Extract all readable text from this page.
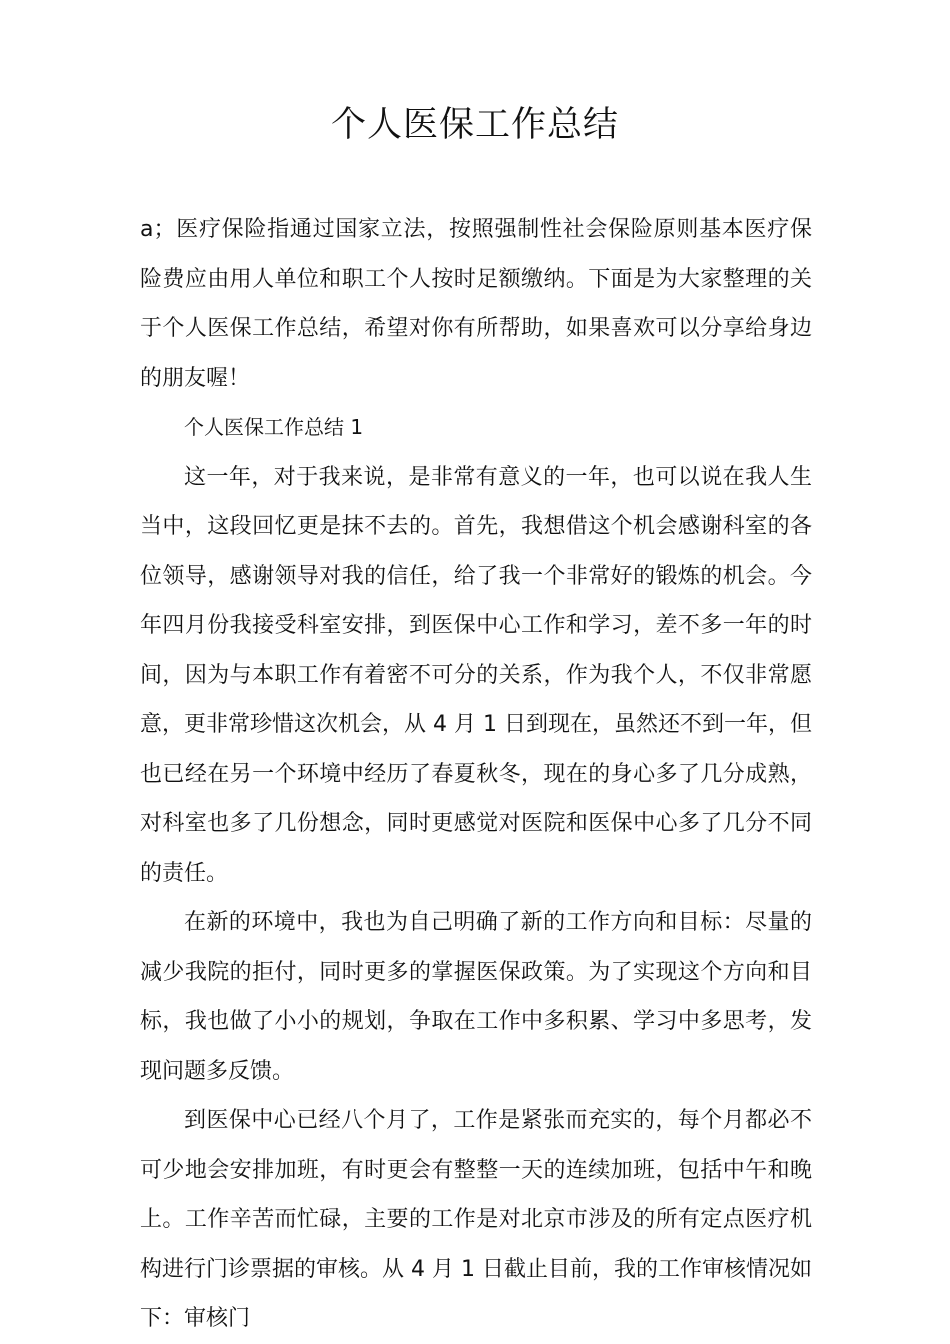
个人医保工作总结

a；医疗保险指通过国家立法，按照强制性社会保险原则基本医疗保险费应由用人单位和职工个人按时足额缴纳。下面是为大家整理的关于个人医保工作总结，希望对你有所帮助，如果喜欢可以分享给身边的朋友喔！

个人医保工作总结 1

这一年，对于我来说，是非常有意义的一年，也可以说在我人生当中，这段回忆更是抹不去的。首先，我想借这个机会感谢科室的各位领导，感谢领导对我的信任，给了我一个非常好的锻炼的机会。今年四月份我接受科室安排，到医保中心工作和学习，差不多一年的时间，因为与本职工作有着密不可分的关系，作为我个人，不仅非常愿意，更非常珍惜这次机会，从 4 月 1 日到现在，虽然还不到一年，但也已经在另一个环境中经历了春夏秋冬，现在的身心多了几分成熟，对科室也多了几份想念，同时更感觉对医院和医保中心多了几分不同的责任。

在新的环境中，我也为自己明确了新的工作方向和目标：尽量的减少我院的拒付，同时更多的掌握医保政策。为了实现这个方向和目标，我也做了小小的规划，争取在工作中多积累、学习中多思考，发现问题多反馈。

到医保中心已经八个月了，工作是紧张而充实的，每个月都必不可少地会安排加班，有时更会有整整一天的连续加班，包括中午和晚上。工作辛苦而忙碌，主要的工作是对北京市涉及的所有定点医疗机构进行门诊票据的审核。从 4 月 1 日截止目前，我的工作审核情况如下：审核门
